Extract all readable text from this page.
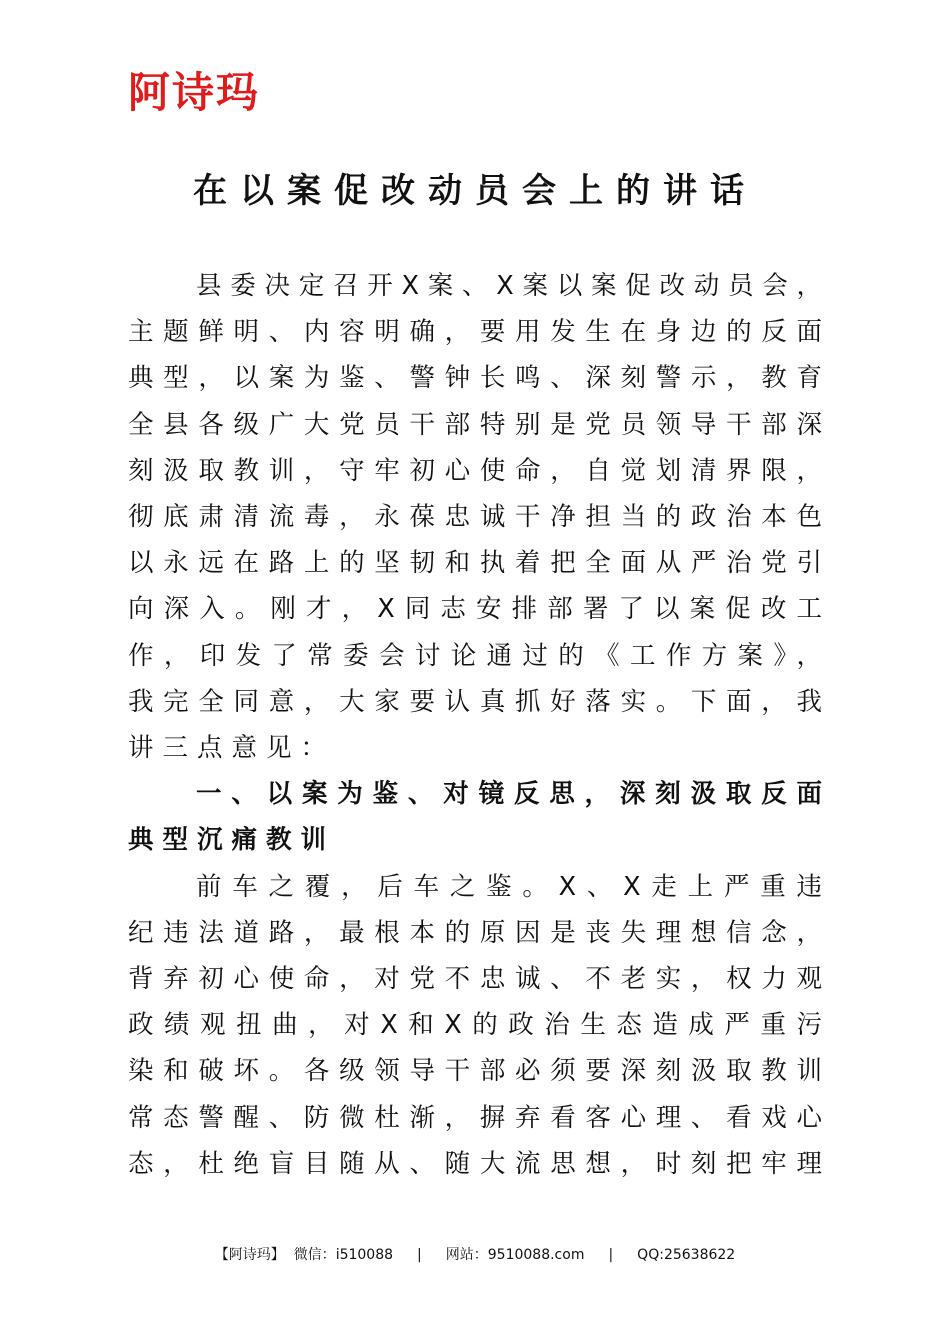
阿诗玛
在以案促改动员会上的讲话
县委决定召开X案、X案以案促改动员会，
主题鲜明、内容明确，要用发生在身边的反面
典型，以案为鉴、警钟长鸣、深刻警示，教育
全县各级广大党员干部特别是党员领导干部深
刻汲取教训，守牢初心使命，自觉划清界限，
彻底肃清流毒，永葆忠诚干净担当的政治本色
以永远在路上的坚韧和执着把全面从严治党引
向深入。刚才，X同志安排部署了以案促改工
作，印发了常委会讨论通过的《工作方案》，
我完全同意，大家要认真抓好落实。下面，我
讲三点意见：
一、以案为鉴、对镜反思，深刻汲取反面
典型沉痛教训
前车之覆，后车之鉴。X、X走上严重违
纪违法道路，最根本的原因是丧失理想信念，
背弃初心使命，对党不忠诚、不老实，权力观
政绩观扭曲，对X和X的政治生态造成严重污
染和破坏。各级领导干部必须要深刻汲取教训
常态警醒、防微杜渐，摒弃看客心理、看戏心
态，杜绝盲目随从、随大流思想，时刻把牢理
【阿诗玛】 微信：i510088 | 网站：9510088.com | QQ:25638622
